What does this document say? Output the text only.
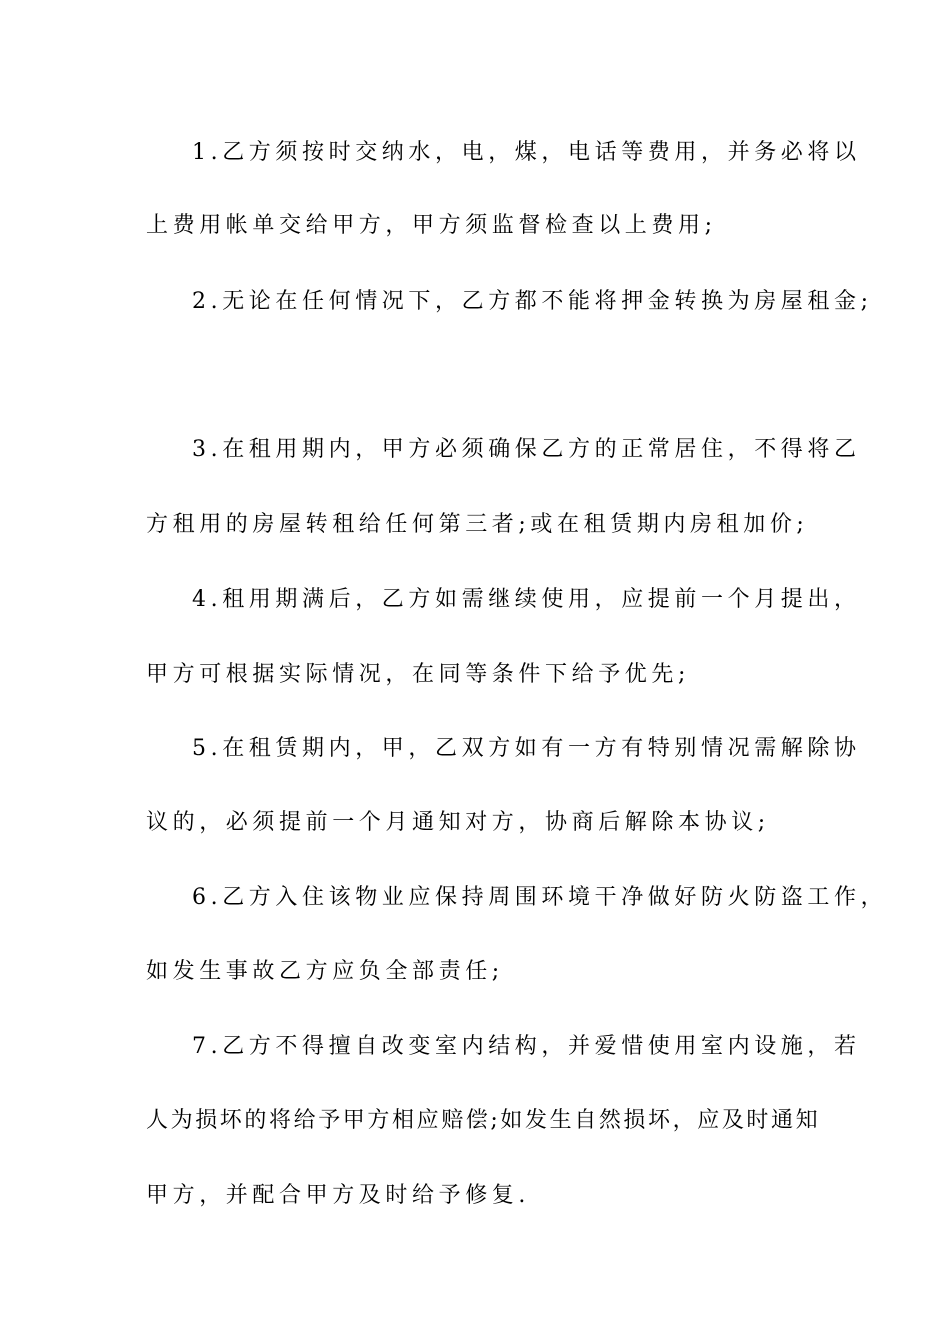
1.乙方须按时交纳水，电，煤，电话等费用，并务必将以
上费用帐单交给甲方，甲方须监督检查以上费用;
2.无论在任何情况下，乙方都不能将押金转换为房屋租金;
3.在租用期内，甲方必须确保乙方的正常居住，不得将乙
方租用的房屋转租给任何第三者;或在租赁期内房租加价;
4.租用期满后，乙方如需继续使用，应提前一个月提出，
甲方可根据实际情况，在同等条件下给予优先;
5.在租赁期内，甲，乙双方如有一方有特别情况需解除协
议的，必须提前一个月通知对方，协商后解除本协议;
6.乙方入住该物业应保持周围环境干净做好防火防盗工作，
如发生事故乙方应负全部责任;
7.乙方不得擅自改变室内结构，并爱惜使用室内设施，若
人为损坏的将给予甲方相应赔偿;如发生自然损坏，应及时通知
甲方，并配合甲方及时给予修复.
